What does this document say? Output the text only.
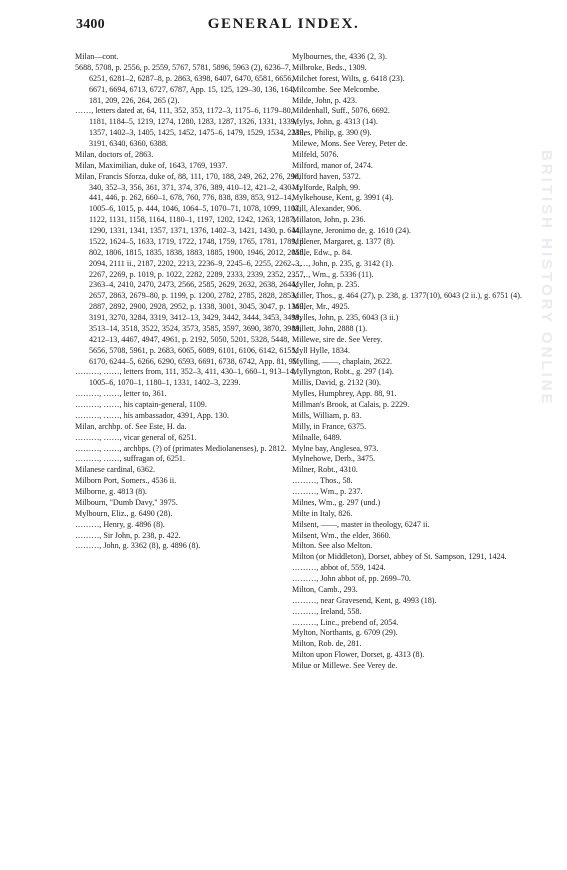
3400	GENERAL INDEX.

Milan—cont.

5688, 5708, p. 2556, p. 2559, 5767, 5781, 5896, 5963 (2), 6236–7, 6251, 6281–2, 6287–8, p. 2863, 6398, 6407, 6470, 6581, 6656, 6671, 6694, 6713, 6727, 6787, App. 15, 125, 129–30, 136, 164, 181, 209, 226, 264, 265 (2).

……, letters dated at, 64, 111, 352, 353, 1172–3, 1175–6, 1179–80, 1181, 1184–5, 1219, 1274, 1280, 1283, 1287, 1326, 1331, 1339, 1357, 1402–3, 1405, 1425, 1452, 1475–6, 1479, 1529, 1534, 2239, 3191, 6340, 6360, 6388.

Milan, doctors of, 2863.

Milan, Maximilian, duke of, 1643, 1769, 1937.

Milan, Francis Sforza, duke of, 88, 111, 170, 188, 249, 262, 276, 296, 340, 352–3, 356, 361, 371, 374, 376, 389, 410–12, 421–2, 430–1, 441, 446, p. 262, 660–1, 678, 760, 776, 838, 839, 853, 912–14, 1005–6, 1015, p. 444, 1046, 1064–5, 1070–71, 1078, 1099, 1107, 1122, 1131, 1158, 1164, 1180–1, 1197, 1202, 1242, 1263, 1287, 1290, 1331, 1341, 1357, 1371, 1376, 1402–3, 1421, 1430, p. 644, 1522, 1624–5, 1633, 1719, 1722, 1748, 1759, 1765, 1781, 1789, p. 802, 1806, 1815, 1835, 1838, 1883, 1885, 1900, 1946, 2012, 2058, 2094, 2111 ii., 2187, 2202, 2213, 2236–9, 2245–6, 2255, 2262–3, 2267, 2269, p. 1019, p. 1022, 2282, 2289, 2333, 2339, 2352, 2357, 2363–4, 2410, 2470, 2473, 2566, 2585, 2629, 2632, 2638, 2644, 2657, 2863, 2679–80, p. 1199, p. 1200, 2782, 2785, 2828, 2853, 2887, 2892, 2900, 2928, 2952, p. 1338, 3001, 3045, 3047, p. 1369, 3191, 3270, 3284, 3319, 3412–13, 3429, 3442, 3444, 3453, 3499, 3513–14, 3518, 3522, 3524, 3573, 3585, 3597, 3690, 3870, 3989, 4212–13, 4467, 4947, 4961, p. 2192, 5050, 5201, 5328, 5448, 5656, 5708, 5961, p. 2683, 6065, 6089, 6101, 6106, 6142, 6155, 6170, 6244–5, 6266, 6290, 6593, 6691, 6738, 6742, App. 81, 95.

………, ……, letters from, 111, 352–3, 411, 430–1, 660–1, 913–14, 1005–6, 1070–1, 1180–1, 1331, 1402–3, 2239.

………, ……, letter to, 361.

………, ……, his captain-general, 1109.

………, ……, his ambassador, 4391, App. 130.

Milan, archbp. of. See Este, H. da.

………, ……, vicar general of, 6251.

………, ……, archbps. (?) of (primates Mediolanenses), p. 2812.

………, ……, suffragan of, 6251.

Milanese cardinal, 6362.

Milborn Port, Somers., 4536 ii.

Milborne, g. 4813 (8).

Milbourn, "Dumb Davy," 3975.

Mylbourn, Eliz., g. 6490 (28).

………, Henry, g. 4896 (8).

………, Sir John, p. 238, p. 422.

………, John, g. 3362 (8), g. 4896 (8).

Mylbournes, the, 4336 (2, 3).

Milbroke, Beds., 1309.

Milchet forest, Wilts, g. 6418 (23).

Milcombe. See Melcombe.

Milde, John, p. 423.

Mildenhall, Suff., 5076, 6692.

Mylys, John, g. 4313 (14).

Miles, Philip, g. 390 (9).

Milewe, Mons. See Verey, Peter de.

Milfeld, 5076.

Milford, manor of, 2474.

Milford haven, 5372.

Mylforde, Ralph, 99.

Mylkehouse, Kent, g. 3991 (4).

Mill, Alexander, 906.

Millaton, John, p. 236.

Millayne, Jeronimo de, g. 1610 (24).

Millener, Margaret, g. 1377 (8).

Mille, Edw., p. 84.

……, John, p. 235, g. 3142 (1).

……, Wm., g. 5336 (11).

Myller, John, p. 235.

Miller, Thos., g. 464 (27), p. 238, g. 1377(10), 6043 (2 ii.), g. 6751 (4).

Miller, Mr., 4925.

Mylles, John, p. 235, 6043 (3 ii.)

Millett, John, 2888 (1).

Millewe, sire de. See Verey.

Myll Hylle, 1834.

Mylling, ——, chaplain, 2622.

Myllyngton, Robt., g. 297 (14).

Millis, David, g. 2132 (30).

Mylles, Humphrey, App. 88, 91.

Millman's Brook, at Calais, p. 2229.

Mills, William, p. 83.

Milly, in France, 6375.

Milnalle, 6489.

Mylne bay, Anglesea, 973.

Mylnehowe, Derb., 3475.

Milner, Robt., 4310.

………, Thos., 58.

………, Wm., p. 237.

Milnes, Wm., g. 297 (und.)

Milte in Italy, 826.

Milsent, ——, master in theology, 6247 ii.

Milsent, Wm., the elder, 3660.

Milton. See also Melton.

Milton (or Middleton), Dorset, abbey of St. Sampson, 1291, 1424.

………, abbot of, 559, 1424.

………, John abbot of, pp. 2699–70.

Milton, Camb., 293.

………, near Gravesend, Kent, g. 4993 (18).

………, Ireland, 558.

………, Linc., prebend of, 2054.

Mylton, Northants, g. 6709 (29).

Milton, Rob. de, 281.

Milton upon Flower, Dorset, g. 4313 (8).

Milue or Millewe. See Verey de.

BRITISH HISTORY ONLINE
